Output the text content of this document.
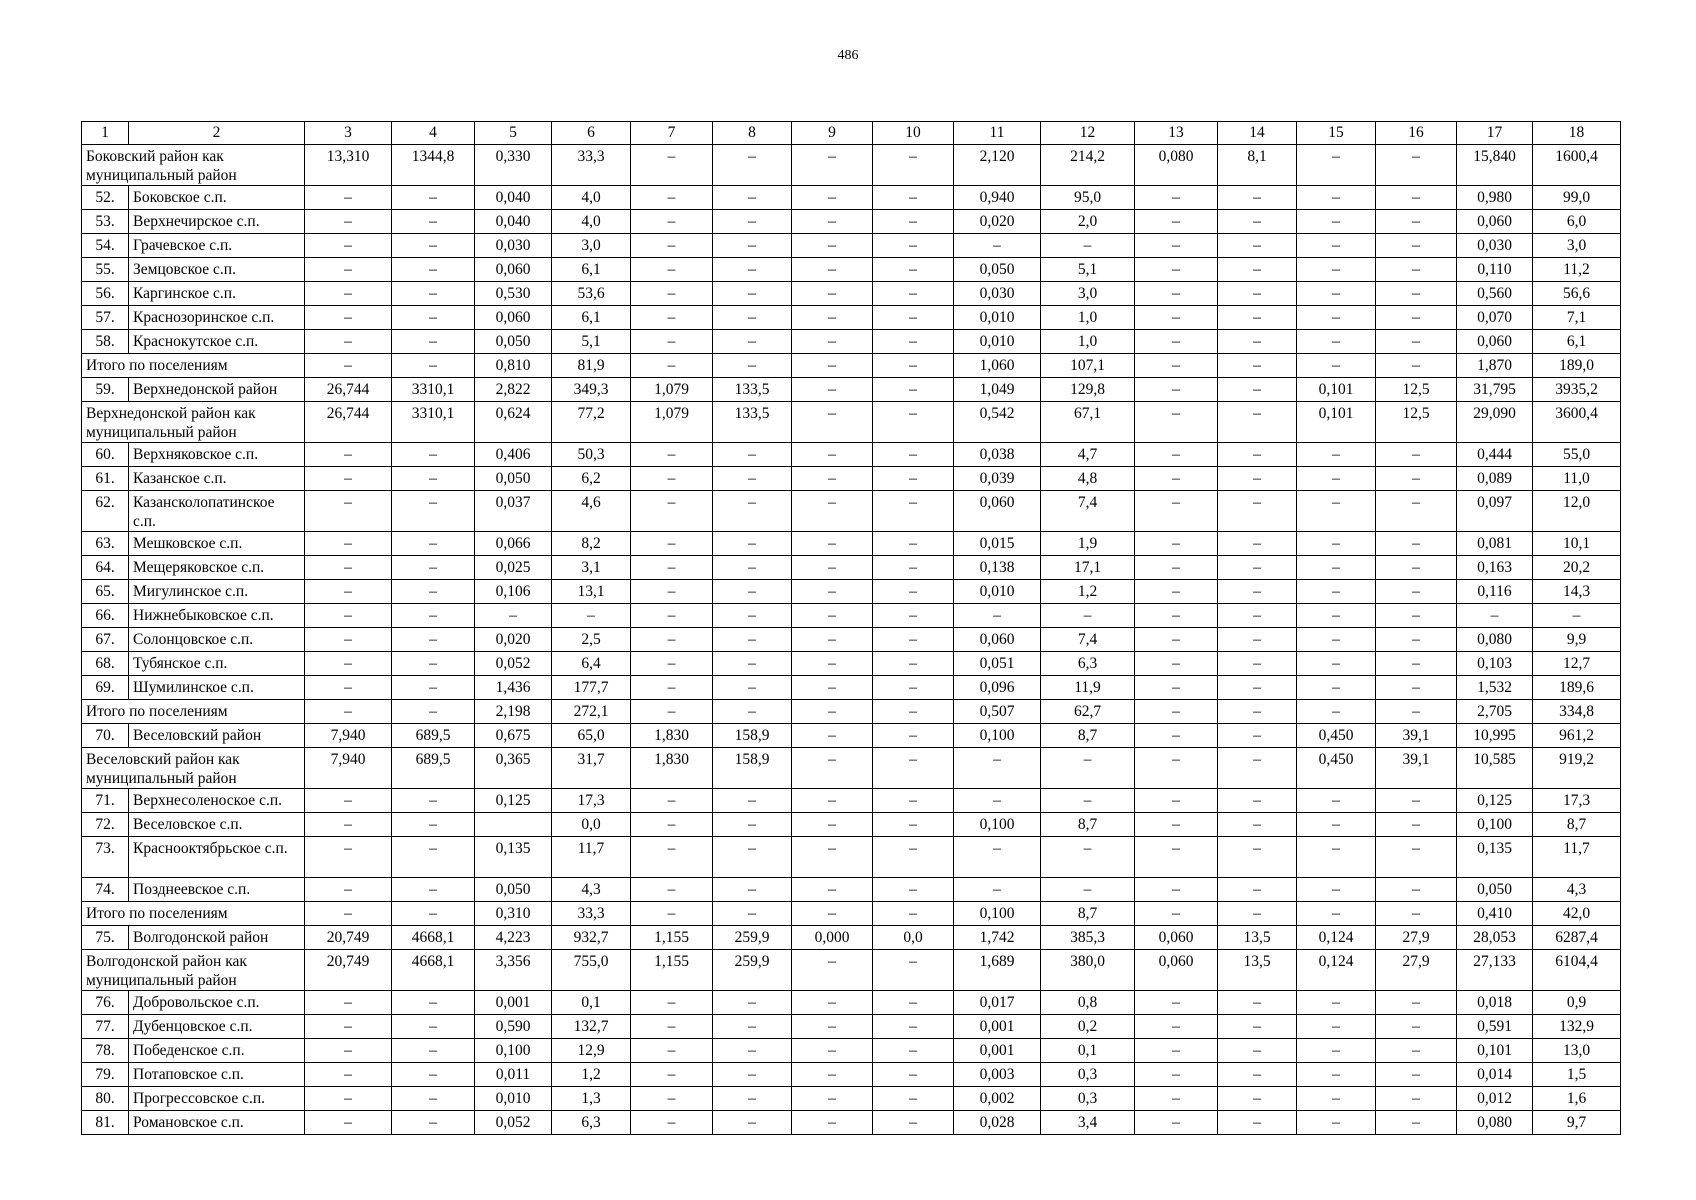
486
1	2	3	4	5	6	7	8	9	10	11	12	13	14	15	16	17	18
Боковский район как муниципальный район		13,310	1344,8	0,330	33,3	–	–	–	–	2,120	214,2	0,080	8,1	–	–	15,840	1600,4
52.	Боковское с.п.	–	–	0,040	4,0	–	–	–	–	0,940	95,0	–	–	–	–	0,980	99,0
53.	Верхнечирское с.п.	–	–	0,040	4,0	–	–	–	–	0,020	2,0	–	–	–	–	0,060	6,0
54.	Грачевское с.п.	–	–	0,030	3,0	–	–	–	–	–	–	–	–	–	–	0,030	3,0
55.	Земцовское с.п.	–	–	0,060	6,1	–	–	–	–	0,050	5,1	–	–	–	–	0,110	11,2
56.	Каргинское с.п.	–	–	0,530	53,6	–	–	–	–	0,030	3,0	–	–	–	–	0,560	56,6
57.	Краснозоринское с.п.	–	–	0,060	6,1	–	–	–	–	0,010	1,0	–	–	–	–	0,070	7,1
58.	Краснокутское с.п.	–	–	0,050	5,1	–	–	–	–	0,010	1,0	–	–	–	–	0,060	6,1
Итого по поселениям		–	–	0,810	81,9	–	–	–	–	1,060	107,1	–	–	–	–	1,870	189,0
59.	Верхнедонской район	26,744	3310,1	2,822	349,3	1,079	133,5	–	–	1,049	129,8	–	–	0,101	12,5	31,795	3935,2
Верхнедонской район как муниципальный район		26,744	3310,1	0,624	77,2	1,079	133,5	–	–	0,542	67,1	–	–	0,101	12,5	29,090	3600,4
60.	Верхняковское с.п.	–	–	0,406	50,3	–	–	–	–	0,038	4,7	–	–	–	–	0,444	55,0
61.	Казанское с.п.	–	–	0,050	6,2	–	–	–	–	0,039	4,8	–	–	–	–	0,089	11,0
62.	Казансколопатинское с.п.	–	–	0,037	4,6	–	–	–	–	0,060	7,4	–	–	–	–	0,097	12,0
63.	Мешковское с.п.	–	–	0,066	8,2	–	–	–	–	0,015	1,9	–	–	–	–	0,081	10,1
64.	Мещеряковское с.п.	–	–	0,025	3,1	–	–	–	–	0,138	17,1	–	–	–	–	0,163	20,2
65.	Мигулинское с.п.	–	–	0,106	13,1	–	–	–	–	0,010	1,2	–	–	–	–	0,116	14,3
66.	Нижнебыковское с.п.	–	–	–	–	–	–	–	–	–	–	–	–	–	–	–	–
67.	Солонцовское с.п.	–	–	0,020	2,5	–	–	–	–	0,060	7,4	–	–	–	–	0,080	9,9
68.	Тубянское с.п.	–	–	0,052	6,4	–	–	–	–	0,051	6,3	–	–	–	–	0,103	12,7
69.	Шумилинское с.п.	–	–	1,436	177,7	–	–	–	–	0,096	11,9	–	–	–	–	1,532	189,6
Итого по поселениям		–	–	2,198	272,1	–	–	–	–	0,507	62,7	–	–	–	–	2,705	334,8
70.	Веселовский район	7,940	689,5	0,675	65,0	1,830	158,9	–	–	0,100	8,7	–	–	0,450	39,1	10,995	961,2
Веселовский район как муниципальный район		7,940	689,5	0,365	31,7	1,830	158,9	–	–	–	–	–	–	0,450	39,1	10,585	919,2
71.	Верхнесоленоское с.п.	–	–	0,125	17,3	–	–	–	–	–	–	–	–	–	–	0,125	17,3
72.	Веселовское с.п.	–	–		0,0	–	–	–	–	0,100	8,7	–	–	–	–	0,100	8,7
73.	Краснооктябрьское с.п.	–	–	0,135	11,7	–	–	–	–	–	–	–	–	–	–	0,135	11,7
74.	Позднеевское с.п.	–	–	0,050	4,3	–	–	–	–	–	–	–	–	–	–	0,050	4,3
Итого по поселениям		–	–	0,310	33,3	–	–	–	–	0,100	8,7	–	–	–	–	0,410	42,0
75.	Волгодонской район	20,749	4668,1	4,223	932,7	1,155	259,9	0,000	0,0	1,742	385,3	0,060	13,5	0,124	27,9	28,053	6287,4
Волгодонской район как муниципальный район		20,749	4668,1	3,356	755,0	1,155	259,9	–	–	1,689	380,0	0,060	13,5	0,124	27,9	27,133	6104,4
76.	Добровольское с.п.	–	–	0,001	0,1	–	–	–	–	0,017	0,8	–	–	–	–	0,018	0,9
77.	Дубенцовское с.п.	–	–	0,590	132,7	–	–	–	–	0,001	0,2	–	–	–	–	0,591	132,9
78.	Победенское с.п.	–	–	0,100	12,9	–	–	–	–	0,001	0,1	–	–	–	–	0,101	13,0
79.	Потаповское с.п.	–	–	0,011	1,2	–	–	–	–	0,003	0,3	–	–	–	–	0,014	1,5
80.	Прогрессовское с.п.	–	–	0,010	1,3	–	–	–	–	0,002	0,3	–	–	–	–	0,012	1,6
81.	Романовское с.п.	–	–	0,052	6,3	–	–	–	–	0,028	3,4	–	–	–	–	0,080	9,7
